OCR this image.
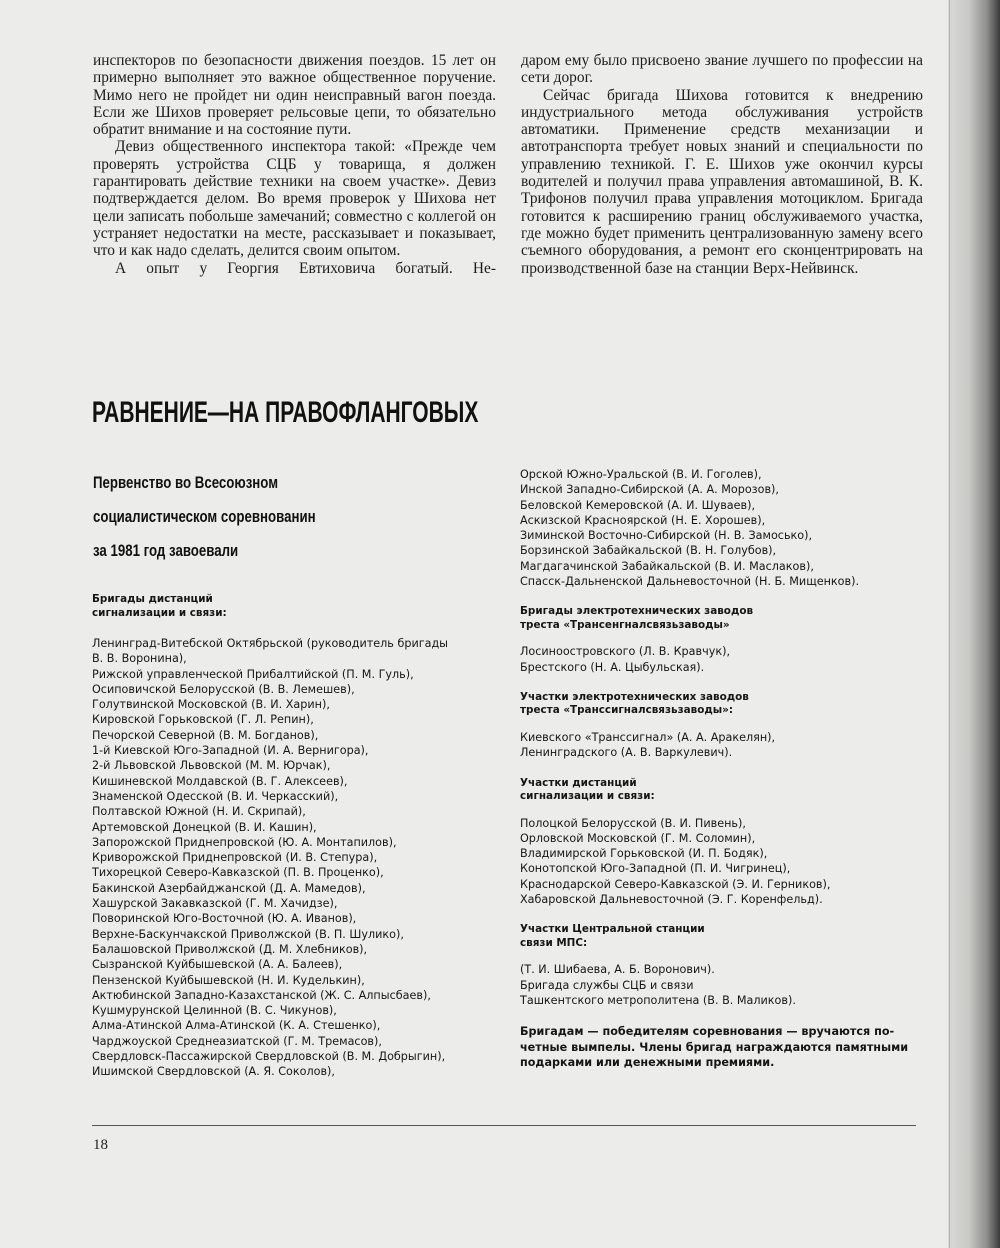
инспекторов по безопасности движения поездов. 15 лет он примерно выполняет это важное общественное поручение. Мимо него не пройдет ни один неисправный вагон поезда. Если же Шихов проверяет рельсовые цепи, то обязательно обратит внимание и на состояние пути.

Девиз общественного инспектора такой: «Прежде чем проверять устройства СЦБ у товарища, я должен гарантировать действие техники на своем участке». Девиз подтверждается делом. Во время проверок у Шихова нет цели записать побольше замечаний; совместно с коллегой он устраняет недостатки на месте, рассказывает и показывает, что и как надо сделать, делится своим опытом.

А опыт у Георгия Евтиховича богатый. Не-

даром ему было присвоено звание лучшего по профессии на сети дорог.

Сейчас бригада Шихова готовится к внедрению индустриального метода обслуживания устройств автоматики. Применение средств механизации и автотранспорта требует новых знаний и специальности по управлению техникой. Г. Е. Шихов уже окончил курсы водителей и получил права управления автомашиной, В. К. Трифонов получил права управления мотоциклом. Бригада готовится к расширению границ обслуживаемого участка, где можно будет применить централизованную замену всего съемного оборудования, а ремонт его сконцентрировать на производственной базе на станции Верх-Нейвинск.

РАВНЕНИЕ—НА ПРАВОФЛАНГОВЫХ
Первенство во Всесоюзном
социалистическом соревнованин
за 1981 год завоевали
Бригады дистанций
сигнализации и связи:
Ленинград-Витебской Октябрьской (руководитель бригады
В. В. Воронина),
Рижской управленческой Прибалтийской (П. М. Гуль),
Осиповичской Белорусской (В. В. Лемешев),
Голутвинской Московской (В. И. Харин),
Кировской Горьковской (Г. Л. Репин),
Печорской Северной (В. М. Богданов),
1-й Киевской Юго-Западной (И. А. Вернигора),
2-й Львовской Львовской (М. М. Юрчак),
Кишиневской Молдавской (В. Г. Алексеев),
Знаменской Одесской (В. И. Черкасский),
Полтавской Южной (Н. И. Скрипай),
Артемовской Донецкой (В. И. Кашин),
Запорожской Приднепровской (Ю. А. Монтапилов),
Криворожской Приднепровской (И. В. Степура),
Тихорецкой Северо-Кавказской (П. В. Проценко),
Бакинской Азербайджанской (Д. А. Мамедов),
Хашурской Закавказской (Г. М. Хачидзе),
Поворинской Юго-Восточной (Ю. А. Иванов),
Верхне-Баскунчакской Приволжской (В. П. Шулико),
Балашовской Приволжской (Д. М. Хлебников),
Сызранской Куйбышевской (А. А. Балеев),
Пензенской Куйбышевской (Н. И. Куделькин),
Актюбинской Западно-Казахстанской (Ж. С. Алпысбаев),
Кушмурунской Целинной (В. С. Чикунов),
Алма-Атинской Алма-Атинской (К. А. Стешенко),
Чарджоуской Среднеазиатской (Г. М. Тремасов),
Свердловск-Пассажирской Свердловской (В. М. Добрыгин),
Ишимской Свердловской (А. Я. Соколов),
Орской Южно-Уральской (В. И. Гоголев),
Инской Западно-Сибирской (А. А. Морозов),
Беловской Кемеровской (А. И. Шуваев),
Аскизской Красноярской (Н. Е. Хорошев),
Зиминской Восточно-Сибирской (Н. В. Замосько),
Борзинской Забайкальской (В. Н. Голубов),
Магдагачинской Забайкальской (В. И. Маслаков),
Спасск-Дальненской Дальневосточной (Н. Б. Мищенков).
Бригады электротехнических заводов
треста «Трансенгналсвязьзаводы»
Лосиноостровского (Л. В. Кравчук),
Брестского (Н. А. Цыбульская).
Участки электротехнических заводов
треста «Транссигналсвязьзаводы»:
Киевского «Транссигнал» (А. А. Аракелян),
Ленинградского (А. В. Варкулевич).
Участки дистанций
сигнализации и связи:
Полоцкой Белорусской (В. И. Пивень),
Орловской Московской (Г. М. Соломин),
Владимирской Горьковской (И. П. Бодяк),
Конотопской Юго-Западной (П. И. Чигринец),
Краснодарской Северо-Кавказской (Э. И. Герников),
Хабаровской Дальневосточной (Э. Г. Коренфельд).
Участки Центральной станции
связи МПС:
(Т. И. Шибаева, А. Б. Воронович).
Бригада службы СЦБ и связи
Ташкентского метрополитена (В. В. Маликов).
Бригадам — победителям соревнования — вручаются по-
четные вымпелы. Члены бригад награждаются памятными
подарками или денежными премиями.
18
